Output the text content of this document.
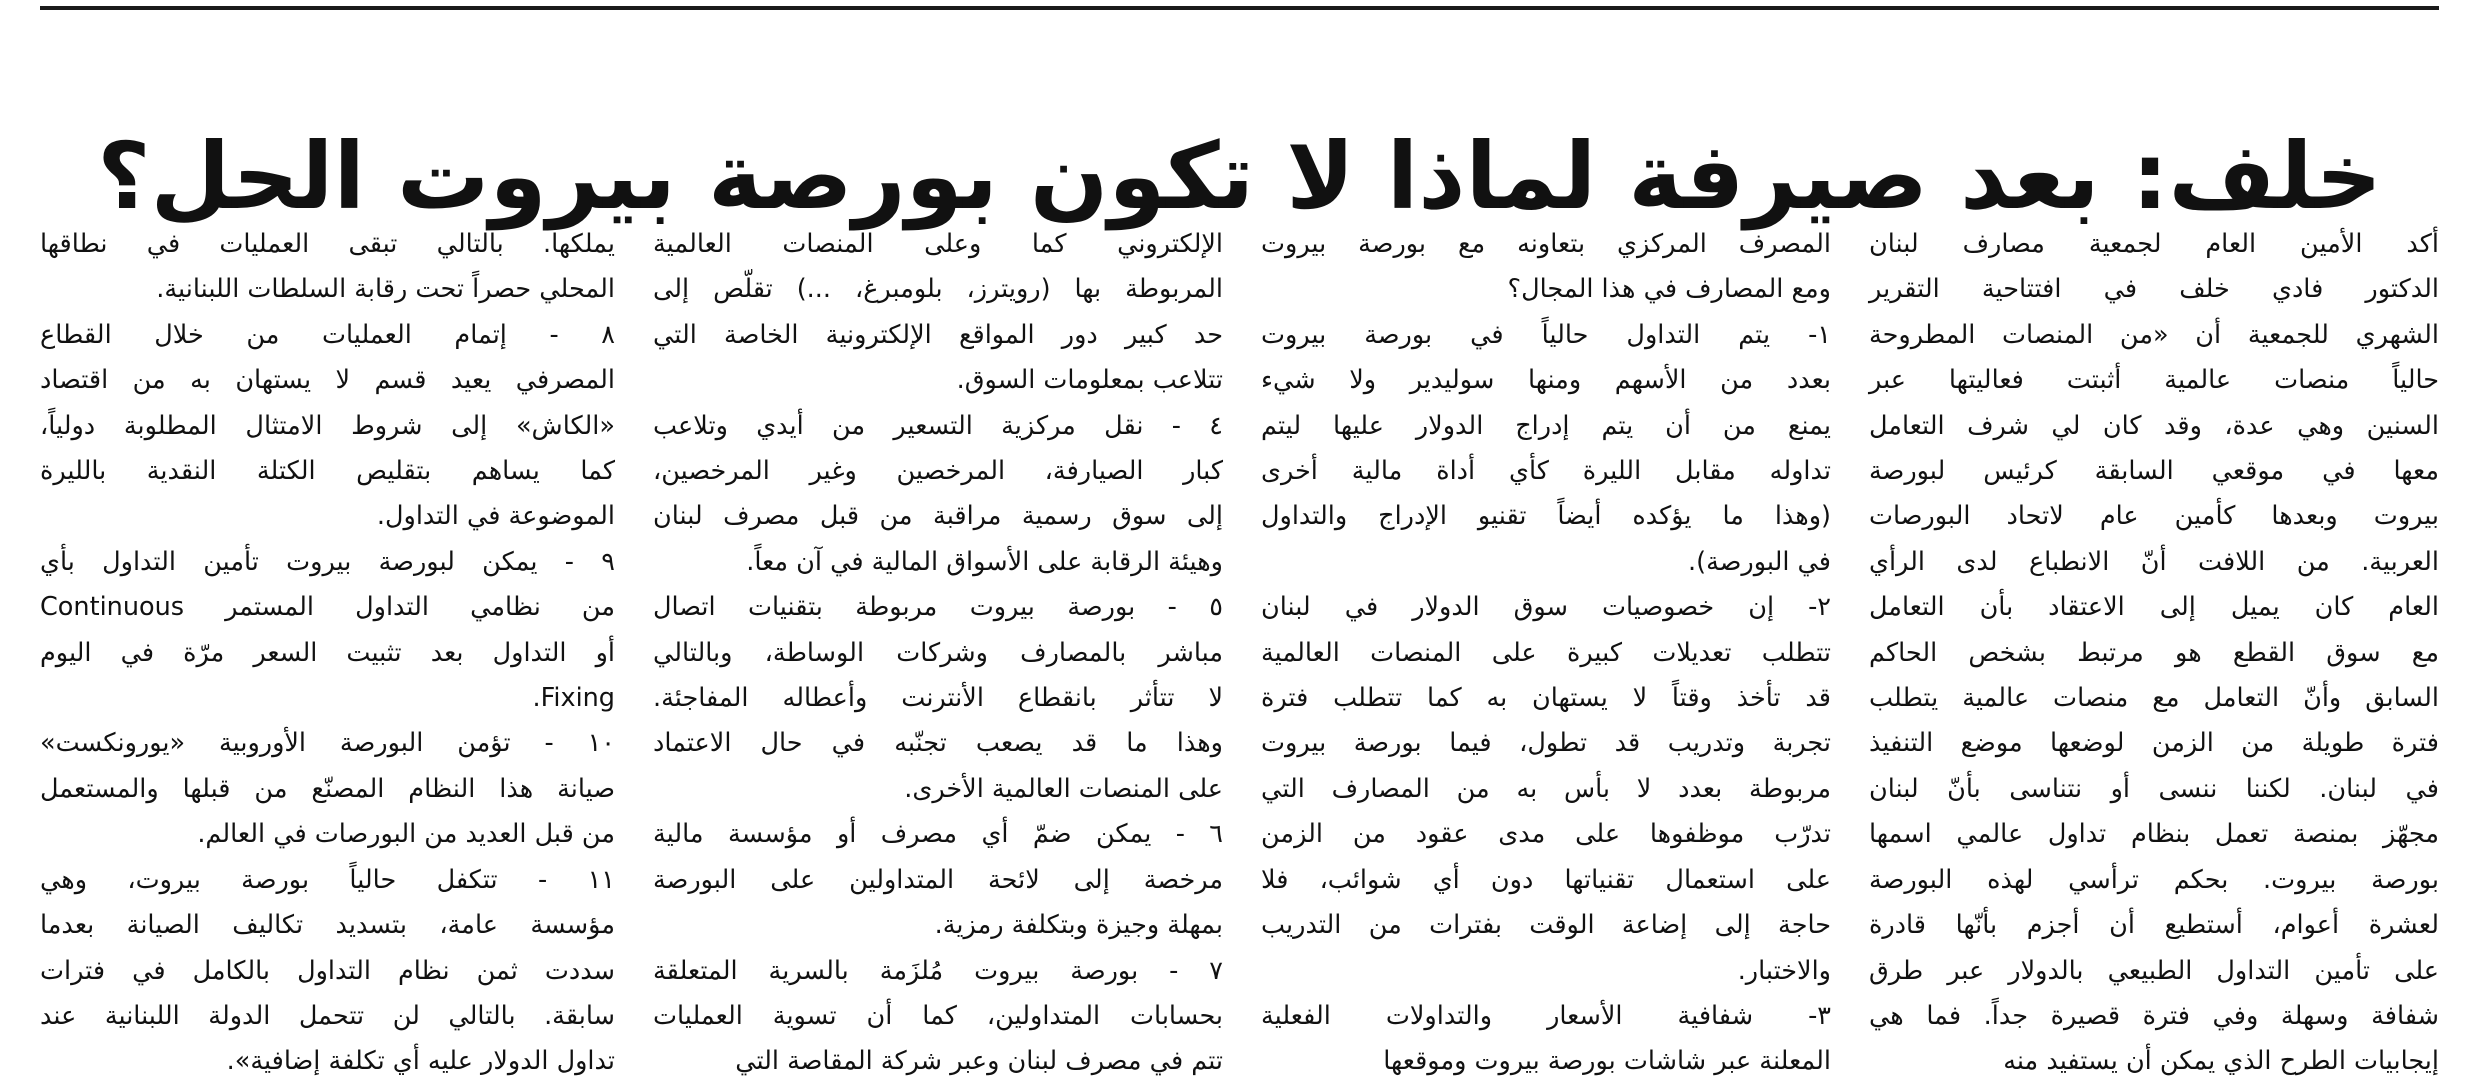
خلف: بعد صيرفة لماذا لا تكون بورصة بيروت الحل؟
أكد الأمين العام لجمعية مصارف لبنان
الدكتور فادي خلف في افتتاحية التقرير
الشهري للجمعية أن «من المنصات المطروحة
حالياً منصات عالمية أثبتت فعاليتها عبر
السنين وهي عدة، وقد كان لي شرف التعامل
معها في موقعي السابقة كرئيس لبورصة
بيروت وبعدها كأمين عام لاتحاد البورصات
العربية. من اللافت أنّ الانطباع لدى الرأي
العام كان يميل إلى الاعتقاد بأن التعامل
مع سوق القطع هو مرتبط بشخص الحاكم
السابق وأنّ التعامل مع منصات عالمية يتطلب
فترة طويلة من الزمن لوضعها موضع التنفيذ
في لبنان. لكننا ننسى أو نتناسى بأنّ لبنان
مجهّز بمنصة تعمل بنظام تداول عالمي اسمها
بورصة بيروت. بحكم ترأسي لهذه البورصة
لعشرة أعوام، أستطيع أن أجزم بأنّها قادرة
على تأمين التداول الطبيعي بالدولار عبر طرق
شفافة وسهلة وفي فترة قصيرة جداً. فما هي
إيجابيات الطرح الذي يمكن أن يستفيد منه
المصرف المركزي بتعاونه مع بورصة بيروت
ومع المصارف في هذا المجال؟
١- يتم التداول حالياً في بورصة بيروت
بعدد من الأسهم ومنها سوليدير ولا شيء
يمنع من أن يتم إدراج الدولار عليها ليتم
تداوله مقابل الليرة كأي أداة مالية أخرى
(وهذا ما يؤكده أيضاً تقنيو الإدراج والتداول
في البورصة).
٢- إن خصوصيات سوق الدولار في لبنان
تتطلب تعديلات كبيرة على المنصات العالمية
قد تأخذ وقتاً لا يستهان به كما تتطلب فترة
تجربة وتدريب قد تطول، فيما بورصة بيروت
مربوطة بعدد لا بأس به من المصارف التي
تدرّب موظفوها على مدى عقود من الزمن
على استعمال تقنياتها دون أي شوائب، فلا
حاجة إلى إضاعة الوقت بفترات من التدريب
والاختبار.
٣- شفافية الأسعار والتداولات الفعلية
المعلنة عبر شاشات بورصة بيروت وموقعها
الإلكتروني كما وعلى المنصات العالمية
المربوطة بها (رويترز، بلومبرغ، ...) تقلّص إلى
حد كبير دور المواقع الإلكترونية الخاصة التي
تتلاعب بمعلومات السوق.
٤ - نقل مركزية التسعير من أيدي وتلاعب
كبار الصيارفة، المرخصين وغير المرخصين،
إلى سوق رسمية مراقبة من قبل مصرف لبنان
وهيئة الرقابة على الأسواق المالية في آن معاً.
٥ - بورصة بيروت مربوطة بتقنيات اتصال
مباشر بالمصارف وشركات الوساطة، وبالتالي
لا تتأثر بانقطاع الأنترنت وأعطاله المفاجئة.
وهذا ما قد يصعب تجنّبه في حال الاعتماد
على المنصات العالمية الأخرى.
٦ - يمكن ضمّ أي مصرف أو مؤسسة مالية
مرخصة إلى لائحة المتداولين على البورصة
بمهلة وجيزة وبتكلفة رمزية.
٧ - بورصة بيروت مُلزَمة بالسرية المتعلقة
بحسابات المتداولين، كما أن تسوية العمليات
تتم في مصرف لبنان وعبر شركة المقاصة التي
يملكها. بالتالي تبقى العمليات في نطاقها
المحلي حصراً تحت رقابة السلطات اللبنانية.
٨ - إتمام العمليات من خلال القطاع
المصرفي يعيد قسم لا يستهان به من اقتصاد
«الكاش» إلى شروط الامتثال المطلوبة دولياً،
كما يساهم بتقليص الكتلة النقدية بالليرة
الموضوعة في التداول.
٩ - يمكن لبورصة بيروت تأمين التداول بأي
من نظامي التداول المستمر Continuous
أو التداول بعد تثبيت السعر مرّة في اليوم
Fixing.
١٠ - تؤمن البورصة الأوروبية «يورونكست»
صيانة هذا النظام المصنّع من قبلها والمستعمل
من قبل العديد من البورصات في العالم.
١١ - تتكفل حالياً بورصة بيروت، وهي
مؤسسة عامة، بتسديد تكاليف الصيانة بعدما
سددت ثمن نظام التداول بالكامل في فترات
سابقة. بالتالي لن تتحمل الدولة اللبنانية عند
تداول الدولار عليه أي تكلفة إضافية».
